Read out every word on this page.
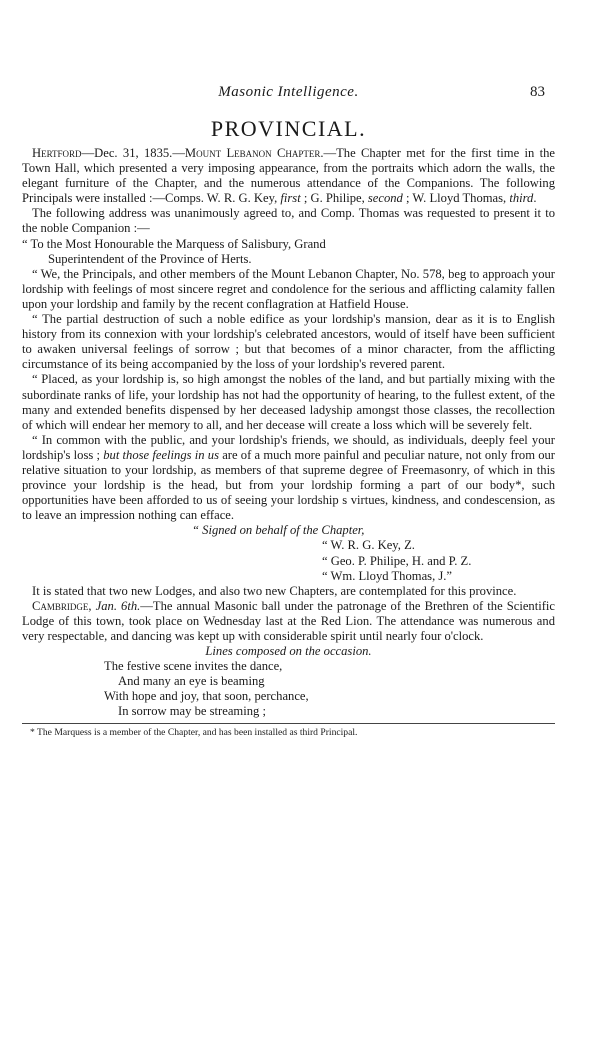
Masonic Intelligence.	83
PROVINCIAL.

Hertford—Dec. 31, 1835.—Mount Lebanon Chapter.—The Chapter met for the first time in the Town Hall, which presented a very imposing appearance, from the portraits which adorn the walls, the elegant furniture of the Chapter, and the numerous attendance of the Companions. The following Principals were installed :—Comps. W. R. G. Key, first ; G. Philipe, second ; W. Lloyd Thomas, third.

The following address was unanimously agreed to, and Comp. Thomas was requested to present it to the noble Companion :—

“ To the Most Honourable the Marquess of Salisbury, Grand
Superintendent of the Province of Herts.

“ We, the Principals, and other members of the Mount Lebanon Chapter, No. 578, beg to approach your lordship with feelings of most sincere regret and condolence for the serious and afflicting calamity fallen upon your lordship and family by the recent conflagration at Hatfield House.

“ The partial destruction of such a noble edifice as your lordship's mansion, dear as it is to English history from its connexion with your lordship's celebrated ancestors, would of itself have been sufficient to awaken universal feelings of sorrow ; but that becomes of a minor character, from the afflicting circumstance of its being accompanied by the loss of your lordship's revered parent.

“ Placed, as your lordship is, so high amongst the nobles of the land, and but partially mixing with the subordinate ranks of life, your lordship has not had the opportunity of hearing, to the fullest extent, of the many and extended benefits dispensed by her deceased ladyship amongst those classes, the recollection of which will endear her memory to all, and her decease will create a loss which will be severely felt.

“ In common with the public, and your lordship's friends, we should, as individuals, deeply feel your lordship's loss ; but those feelings in us are of a much more painful and peculiar nature, not only from our relative situation to your lordship, as members of that supreme degree of Freemasonry, of which in this province your lordship is the head, but from your lordship forming a part of our body*, such opportunities have been afforded to us of seeing your lordship s virtues, kindness, and condescension, as to leave an impression nothing can efface.

“ Signed on behalf of the Chapter,

“ W. R. G. Key, Z.

“ Geo. P. Philipe, H. and P. Z.

“ Wm. Lloyd Thomas, J.”

It is stated that two new Lodges, and also two new Chapters, are contemplated for this province.

Cambridge, Jan. 6th.—The annual Masonic ball under the patronage of the Brethren of the Scientific Lodge of this town, took place on Wednesday last at the Red Lion. The attendance was numerous and very respectable, and dancing was kept up with considerable spirit until nearly four o'clock.

Lines composed on the occasion.

The festive scene invites the dance,
And many an eye is beaming
With hope and joy, that soon, perchance,
In sorrow may be streaming ;
* The Marquess is a member of the Chapter, and has been installed as third Principal.
